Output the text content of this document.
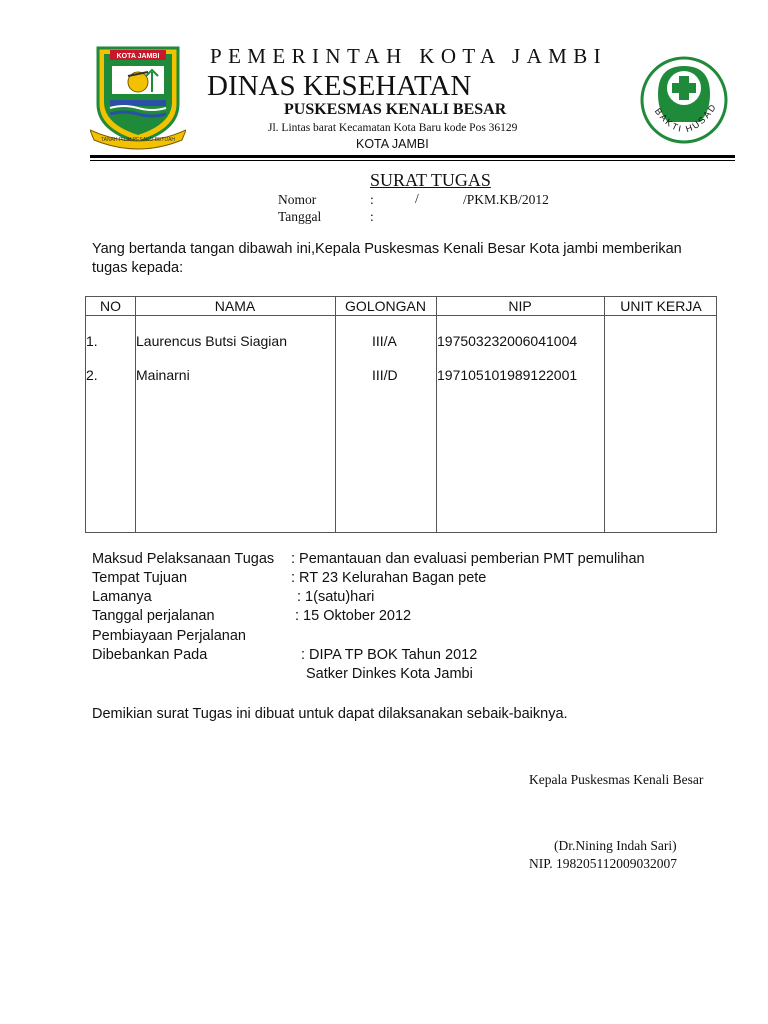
KOTA JAMBI
TANAH PILIH PESAKO BETUAH
PEMERINTAH KOTA JAMBI
DINAS KESEHATAN
PUSKESMAS KENALI BESAR
Jl. Lintas barat Kecamatan Kota Baru kode Pos 36129
KOTA JAMBI
BAKTI HUSAD
SURAT TUGAS
Nomor	:	/	/PKM.KB/2012
Tanggal	:
Yang bertanda tangan dibawah ini,Kepala Puskesmas Kenali Besar Kota jambi memberikan
tugas kepada:
NO	NAMA	GOLONGAN	NIP	UNIT KERJA
1.	Laurencus Butsi Siagian	III/A	197503232006041004
2.	Mainarni	III/D	197105101989122001
Maksud Pelaksanaan Tugas : Pemantauan dan evaluasi pemberian PMT pemulihan
Tempat Tujuan	: RT 23 Kelurahan Bagan pete
Lamanya	: 1(satu)hari
Tanggal perjalanan	: 15 Oktober 2012
Pembiayaan Perjalanan
Dibebankan Pada	: DIPA TP BOK Tahun 2012
Satker Dinkes Kota Jambi
Demikian surat Tugas ini dibuat untuk dapat dilaksanakan sebaik-baiknya.
Kepala Puskesmas Kenali Besar
(Dr.Nining Indah Sari)
NIP. 198205112009032007
